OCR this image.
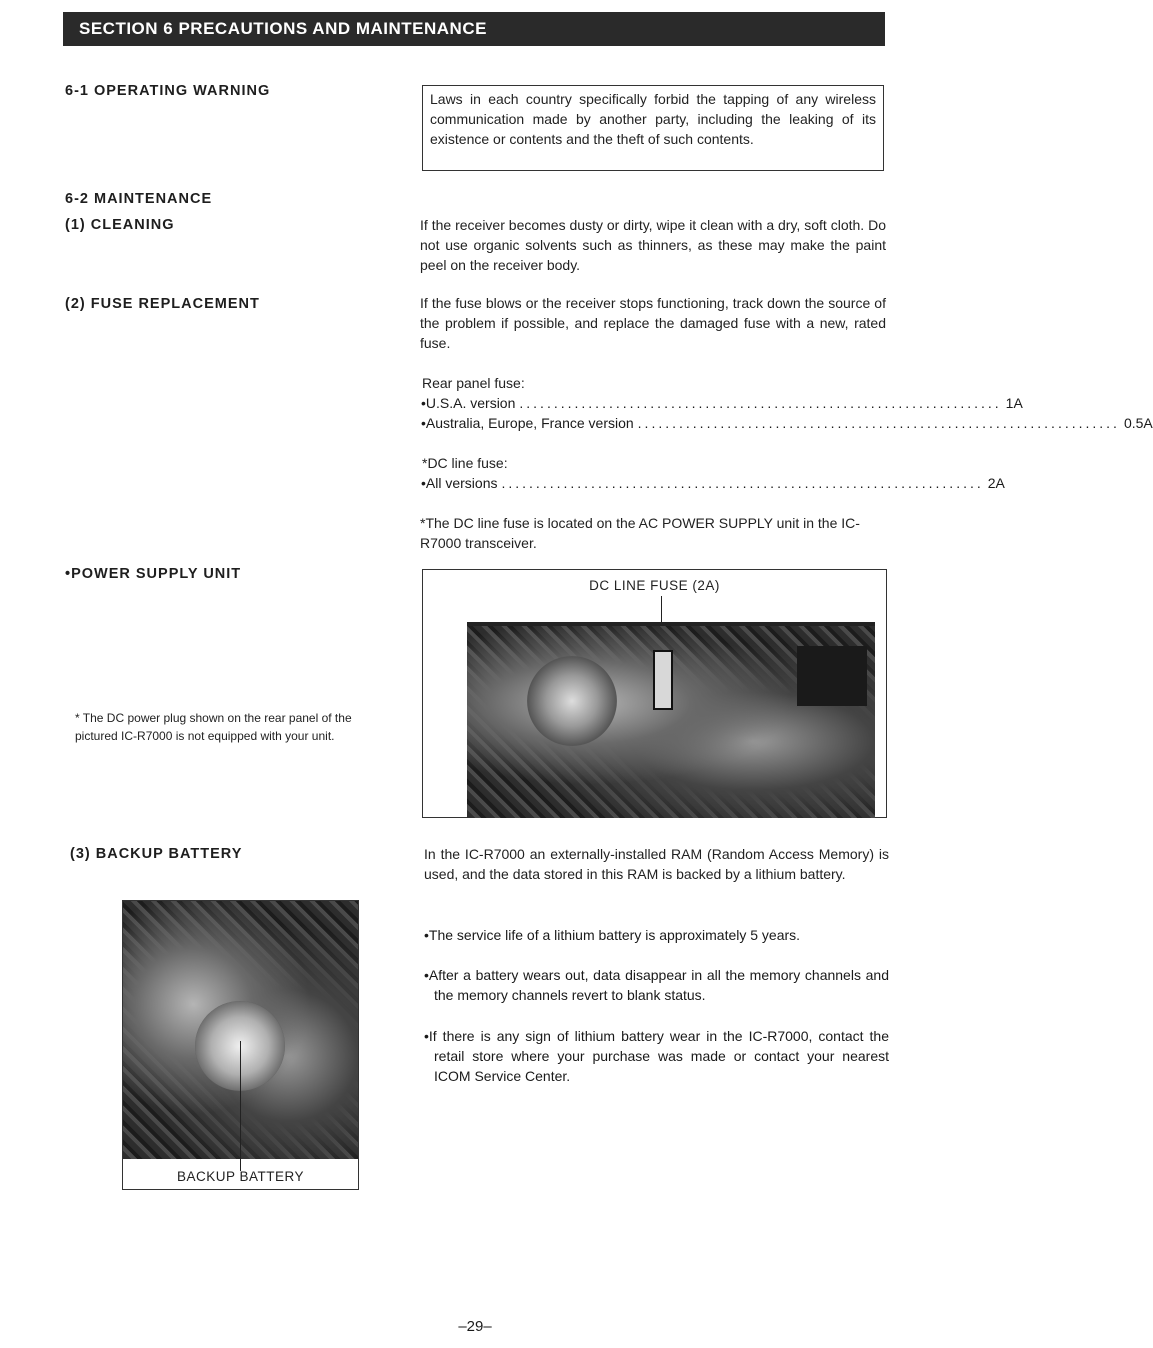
SECTION 6 PRECAUTIONS AND MAINTENANCE
6-1 OPERATING WARNING	Laws in each country specifically forbid the tapping of any wireless communication made by another party, including the leaking of its existence or contents and the theft of such contents.
6-2 MAINTENANCE
(1) CLEANING	If the receiver becomes dusty or dirty, wipe it clean with a dry, soft cloth. Do not use organic solvents such as thinners, as these may make the paint peel on the receiver body.
(2) FUSE REPLACEMENT	If the fuse blows or the receiver stops functioning, track down the source of the problem if possible, and replace the damaged fuse with a new, rated fuse.
Rear panel fuse:
•U.S.A. version ...................................................................... 1A
•Australia, Europe, France version ...................................................................... 0.5A
*DC line fuse:
•All versions ...................................................................... 2A
*The DC line fuse is located on the AC POWER SUPPLY unit in the IC-R7000 transceiver.
•POWER SUPPLY UNIT
* The DC power plug shown on the rear panel of the pictured IC-R7000 is not equipped with your unit.
DC LINE FUSE (2A)
(3) BACKUP BATTERY	In the IC-R7000 an externally-installed RAM (Random Access Memory) is used, and the data stored in this RAM is backed by a lithium battery.
•The service life of a lithium battery is approximately 5 years.
•After a battery wears out, data disappear in all the memory channels and the memory channels revert to blank status.
•If there is any sign of lithium battery wear in the IC-R7000, contact the retail store where your purchase was made or contact your nearest ICOM Service Center.
BACKUP BATTERY
–29–
